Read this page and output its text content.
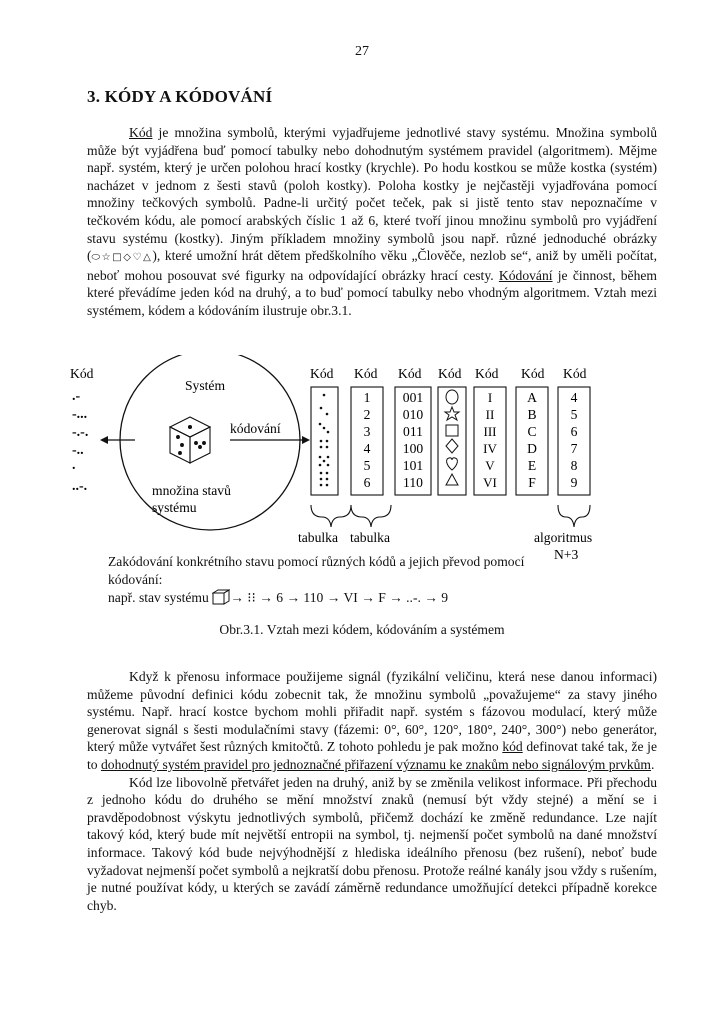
27
3. KÓDY A KÓDOVÁNÍ

Kód je množina symbolů, kterými vyjadřujeme jednotlivé stavy systému. Množina symbolů může být vyjádřena buď pomocí tabulky nebo dohodnutým systémem pravidel (algoritmem). Mějme např. systém, který je určen polohou hrací kostky (krychle). Po hodu kostkou se může kostka (systém) nacházet v jednom z šesti stavů (poloh kostky). Poloha kostky je nejčastěji vyjadřována pomocí množiny tečkových symbolů. Padne-li určitý počet teček, pak si jistě tento stav nepoznačíme v tečkovém kódu, ale pomocí arabských číslic 1 až 6, které tvoří jinou množinu symbolů pro vyjádření stavu systému (kostky). Jiným příkladem množiny symbolů jsou např. různé jednoduché obrázky (⬭☆□◇♡△), které umožní hrát dětem předškolního věku „Člověče, nezlob se“, aniž by uměli počítat, neboť mohou posouvat své figurky na odpovídající obrázky hrací cesty. Kódování je činnost, během které převádíme jeden kód na druhý, a to buď pomocí tabulky nebo vhodným algoritmem. Vztah mezi systémem, kódem a kódováním ilustruje obr.3.1.

Kód
.-
-...
-.-.
-..
.
..-.
Systém
kódování
množina stavů
systému
Kód Kód Kód Kód Kód Kód Kód
1
2
3
4
5
6
001
010
011
100
101
110
I
II
III
IV
V
VI
A
B
C
D
E
F
4
5
6
7
8
9
tabulka tabulka	algoritmus
N+3
Zakódování konkrétního stavu pomocí různých kódů a jejich převod pomocí kódování:
např. stav systému → ⁝⁝ → 6 → 110 → VI → F → ..-. → 9
Obr.3.1. Vztah mezi kódem, kódováním a systémem

Když k přenosu informace použijeme signál (fyzikální veličinu, která nese danou informaci) můžeme původní definici kódu zobecnit tak, že množinu symbolů „považujeme“ za stavy jiného systému. Např. hrací kostce bychom mohli přiřadit např. systém s fázovou modulací, který může generovat signál s šesti modulačními stavy (fázemi: 0°, 60°, 120°, 180°, 240°, 300°) nebo generátor, který může vytvářet šest různých kmitočtů. Z tohoto pohledu je pak možno kód definovat také tak, že je to dohodnutý systém pravidel pro jednoznačné přiřazení významu ke znakům nebo signálovým prvkům.

Kód lze libovolně přetvářet jeden na druhý, aniž by se změnila velikost informace. Při přechodu z jednoho kódu do druhého se mění množství znaků (nemusí být vždy stejné) a mění se i pravděpodobnost výskytu jednotlivých symbolů, přičemž dochází ke změně redundance. Lze najít takový kód, který bude mít největší entropii na symbol, tj. nejmenší počet symbolů na dané množství informace. Takový kód bude nejvýhodnější z hlediska ideálního přenosu (bez rušení), neboť bude vyžadovat nejmenší počet symbolů a nejkratší dobu přenosu. Protože reálné kanály jsou vždy s rušením, je nutné používat kódy, u kterých se zavádí záměrně redundance umožňující detekci případně korekce chyb.
